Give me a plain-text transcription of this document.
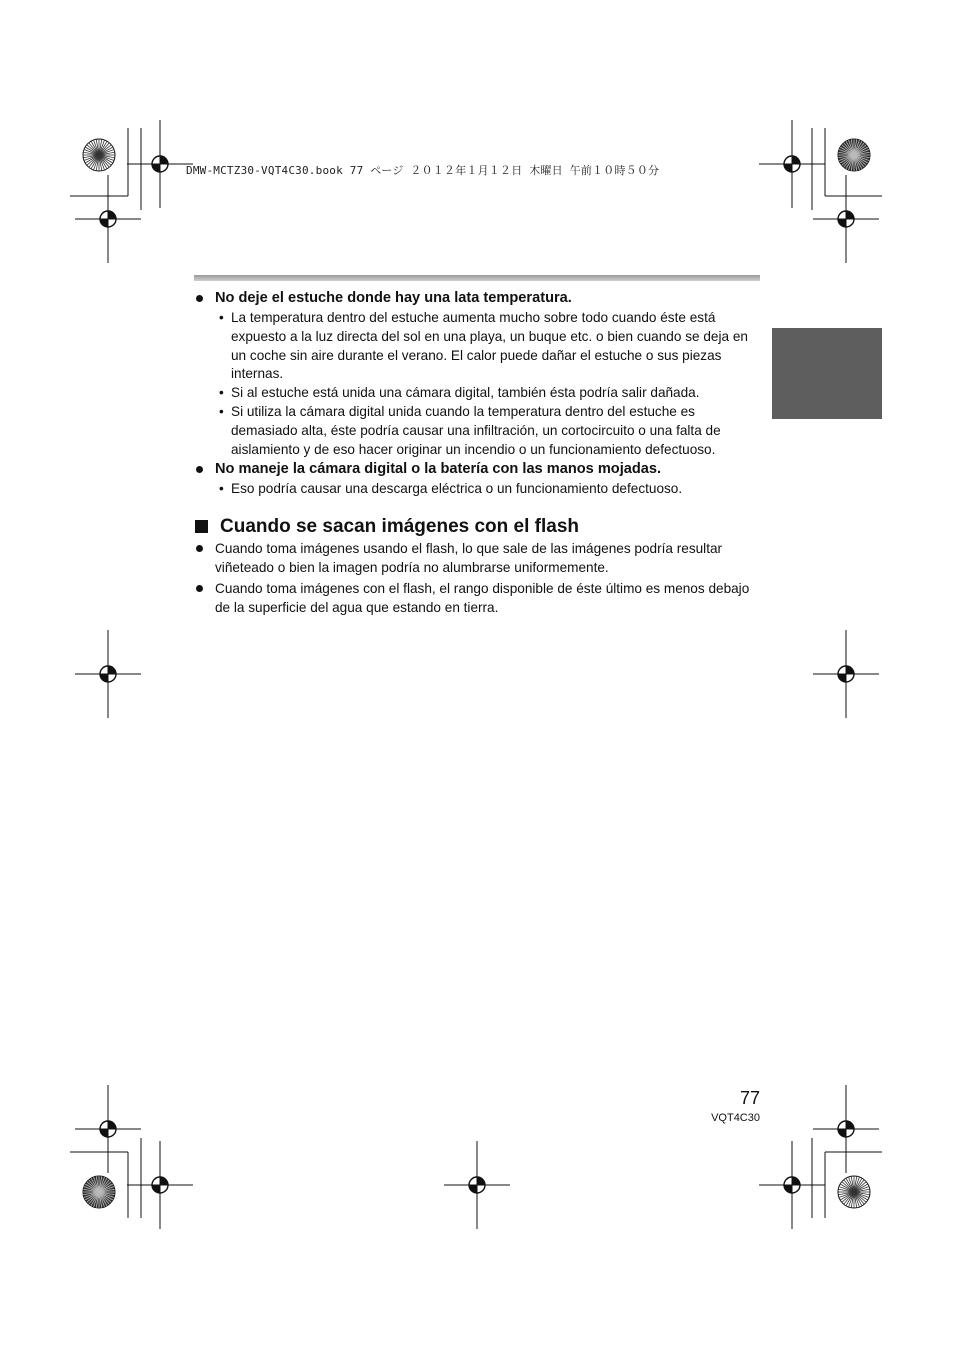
DMW-MCTZ30-VQT4C30.book 77 ページ ２０１２年１月１２日 木曜日 午前１０時５０分
No deje el estuche donde hay una lata temperatura.
• La temperatura dentro del estuche aumenta mucho sobre todo cuando éste está expuesto a la luz directa del sol en una playa, un buque etc. o bien cuando se deja en un coche sin aire durante el verano. El calor puede dañar el estuche o sus piezas internas.
• Si al estuche está unida una cámara digital, también ésta podría salir dañada.
• Si utiliza la cámara digital unida cuando la temperatura dentro del estuche es demasiado alta, éste podría causar una infiltración, un cortocircuito o una falta de aislamiento y de eso hacer originar un incendio o un funcionamiento defectuoso.
No maneje la cámara digital o la batería con las manos mojadas.
• Eso podría causar una descarga eléctrica o un funcionamiento defectuoso.
Cuando se sacan imágenes con el flash
Cuando toma imágenes usando el flash, lo que sale de las imágenes podría resultar viñeteado o bien la imagen podría no alumbrarse uniformemente.
Cuando toma imágenes con el flash, el rango disponible de éste último es menos debajo de la superficie del agua que estando en tierra.
77
VQT4C30
